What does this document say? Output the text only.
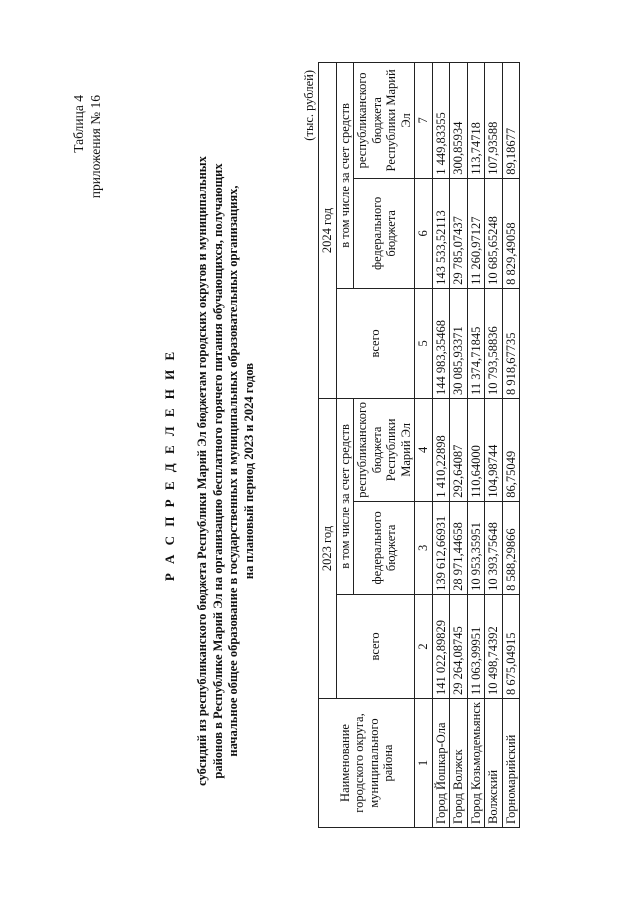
Таблица 4 приложения № 16
Р А С П Р Е Д Е Л Е Н И Е субсидий из республиканского бюджета Республики Марий Эл бюджетам городских округов и муниципальных районов в Республике Марий Эл на организацию бесплатного горячего питания обучающихся, получающих начальное общее образование в государственных и муниципальных образовательных организациях, на плановый период 2023 и 2024 годов
(тыс. рублей)
Наименование городского округа, муниципального района	2023 год			2024 год		
	всего	в том числе за счет средств		всего	в том числе за счет средств	
		федерального бюджета	республиканского бюджета Республики Марий Эл		федерального бюджета	республиканского бюджета Республики Марий Эл
1	2	3	4	5	6	7
Город Йошкар-Ола	141 022,89829	139 612,66931	1 410,22898	144 983,35468	143 533,52113	1 449,83355
Город Волжск	29 264,08745	28 971,44658	292,64087	30 085,93371	29 785,07437	300,85934
Город Козьмодемьянск	11 063,99951	10 953,35951	110,64000	11 374,71845	11 260,97127	113,74718
Волжский	10 498,74392	10 393,75648	104,98744	10 793,58836	10 685,65248	107,93588
Горномарийский	8 675,04915	8 588,29866	86,75049	8 918,67735	8 829,49058	89,18677
